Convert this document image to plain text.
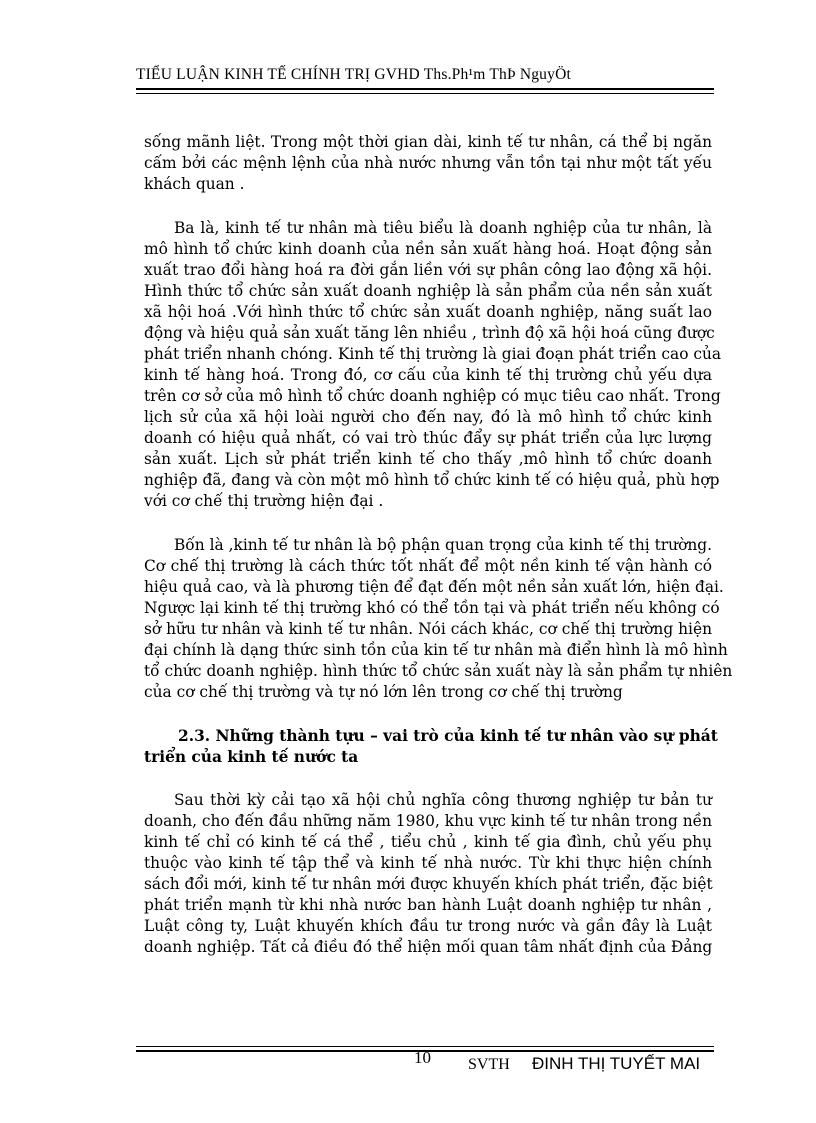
TIỂU LUẬN KINH TẾ CHÍNH TRỊ GVHD Ths.Ph¹m ThÞ NguyÖt
sống mãnh liệt. Trong một thời gian dài, kinh tế tư nhân, cá thể bị ngăn
cấm bởi các mệnh lệnh của nhà nước nhưng vẫn tồn tại như một tất yếu
khách quan .
Ba là, kinh tế tư nhân mà tiêu biểu là doanh nghiệp của tư nhân, là
mô hình tổ chức kinh doanh của nền sản xuất hàng hoá. Hoạt động sản
xuất trao đổi hàng hoá ra đời gắn liền với sự phân công lao động xã hội.
Hình thức tổ chức sản xuất doanh nghiệp là sản phẩm của nền sản xuất
xã hội hoá .Với hình thức tổ chức sản xuất doanh nghiệp, năng suất lao
động và hiệu quả sản xuất tăng lên nhiều , trình độ xã hội hoá cũng được
phát triển nhanh chóng. Kinh tế thị trường là giai đoạn phát triển cao của
kinh tế hàng hoá. Trong đó, cơ cấu của kinh tế thị trường chủ yếu dựa
trên cơ sở của mô hình tổ chức doanh nghiệp có mục tiêu cao nhất. Trong
lịch sử của xã hội loài người cho đến nay, đó là mô hình tổ chức kinh
doanh có hiệu quả nhất, có vai trò thúc đẩy sự phát triển của lực lượng
sản xuất. Lịch sử phát triển kinh tế cho thấy ,mô hình tổ chức doanh
nghiệp đã, đang và còn một mô hình tổ chức kinh tế có hiệu quả, phù hợp
với cơ chế thị trường hiện đại .
Bốn là ,kinh tế tư nhân là bộ phận quan trọng của kinh tế thị trường.
Cơ chế thị trường là cách thức tốt nhất để một nền kinh tế vận hành có
hiệu quả cao, và là phương tiện để đạt đến một nền sản xuất lớn, hiện đại.
Ngược lại kinh tế thị trường khó có thể tồn tại và phát triển nếu không có
sở hữu tư nhân và kinh tế tư nhân. Nói cách khác, cơ chế thị trường hiện
đại chính là dạng thức sinh tồn của kin tế tư nhân mà điển hình là mô hình
tổ chức doanh nghiệp. hình thức tổ chức sản xuất này là sản phẩm tự nhiên
của cơ chế thị trường và tự nó lớn lên trong cơ chế thị trường
2.3. Những thành tựu – vai trò của kinh tế tư nhân vào sự phát
triển của kinh tế nước ta
Sau thời kỳ cải tạo xã hội chủ nghĩa công thương nghiệp tư bản tư
doanh, cho đến đầu những năm 1980, khu vực kinh tế tư nhân trong nền
kinh tế chỉ có kinh tế cá thể , tiểu chủ , kinh tế gia đình, chủ yếu phụ
thuộc vào kinh tế tập thể và kinh tế nhà nước. Từ khi thực hiện chính
sách đổi mới, kinh tế tư nhân mới được khuyến khích phát triển, đặc biệt
phát triển mạnh từ khi nhà nước ban hành Luật doanh nghiệp tư nhân ,
Luật công ty, Luật khuyến khích đầu tư trong nước và gần đây là Luật
doanh nghiệp. Tất cả điều đó thể hiện mối quan tâm nhất định của Đảng
10 SVTH ĐINH THỊ TUYẾT MAI
